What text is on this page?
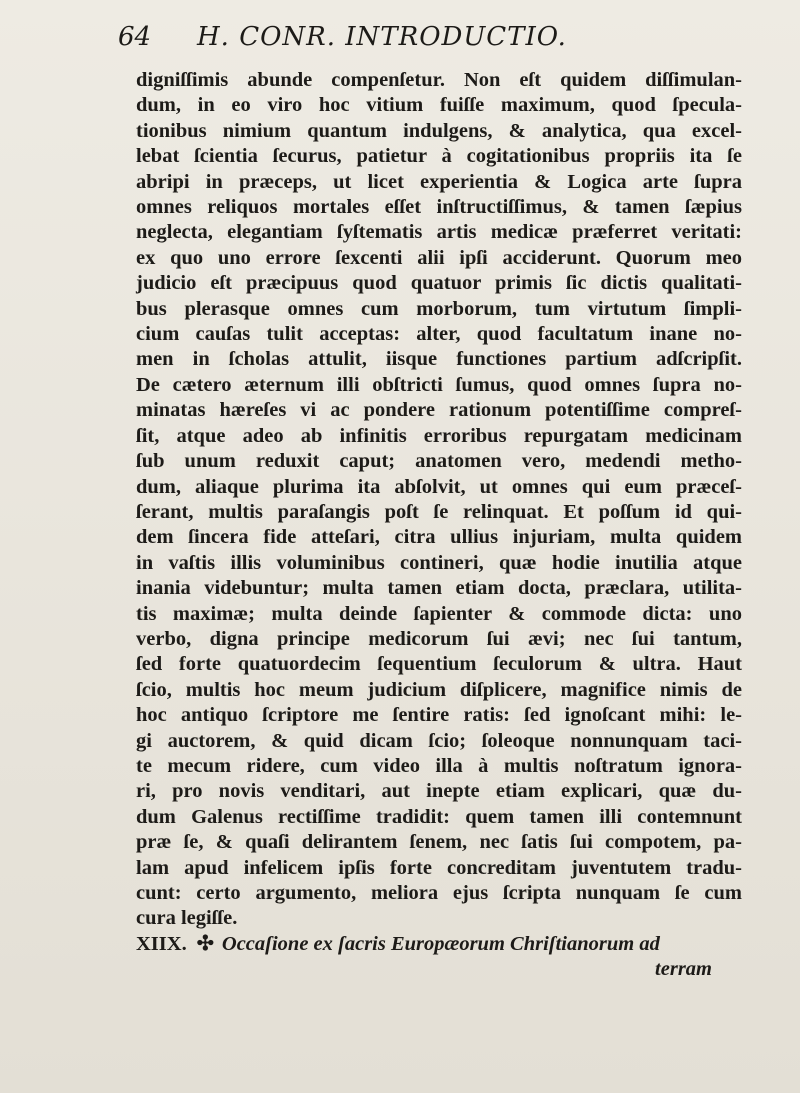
64 H. CONR. INTRODUCTIO.
digniſſimis abunde compenſetur. Non eſt quidem diſſimulan-
dum, in eo viro hoc vitium fuiſſe maximum, quod ſpecula-
tionibus nimium quantum indulgens, & analytica, qua excel-
lebat ſcientia ſecurus, patietur à cogitationibus propriis ita ſe
abripi in præceps, ut licet experientia & Logica arte ſupra
omnes reliquos mortales eſſet inſtructiſſimus, & tamen ſæpius
neglecta, elegantiam ſyſtematis artis medicæ præferret veritati:
ex quo uno errore ſexcenti alii ipſi acciderunt. Quorum meo
judicio eſt præcipuus quod quatuor primis ſic dictis qualitati-
bus plerasque omnes cum morborum, tum virtutum ſimpli-
cium cauſas tulit acceptas: alter, quod facultatum inane no-
men in ſcholas attulit, iisque functiones partium adſcripſit.
De cætero æternum illi obſtricti ſumus, quod omnes ſupra no-
minatas hæreſes vi ac pondere rationum potentiſſime compreſ-
ſit, atque adeo ab infinitis erroribus repurgatam medicinam
ſub unum reduxit caput; anatomen vero, medendi metho-
dum, aliaque plurima ita abſolvit, ut omnes qui eum præceſ-
ſerant, multis paraſangis poſt ſe relinquat. Et poſſum id qui-
dem ſincera fide atteſari, citra ullius injuriam, multa quidem
in vaſtis illis voluminibus contineri, quæ hodie inutilia atque
inania videbuntur; multa tamen etiam docta, præclara, utilita-
tis maximæ; multa deinde ſapienter & commode dicta: uno
verbo, digna principe medicorum ſui ævi; nec ſui tantum,
ſed forte quatuordecim ſequentium ſeculorum & ultra. Haut
ſcio, multis hoc meum judicium diſplicere, magnifice nimis de
hoc antiquo ſcriptore me ſentire ratis: ſed ignoſcant mihi: le-
gi auctorem, & quid dicam ſcio; ſoleoque nonnunquam taci-
te mecum ridere, cum video illa à multis noſtratum ignora-
ri, pro novis venditari, aut inepte etiam explicari, quæ du-
dum Galenus rectiſſime tradidit: quem tamen illi contemnunt
præ ſe, & quaſi delirantem ſenem, nec ſatis ſui compotem, pa-
lam apud infelicem ipſis forte concreditam juventutem tradu-
cunt: certo argumento, meliora ejus ſcripta nunquam ſe cum
cura legiſſe.
XIIX. ✣ Occaſione ex ſacris Europæorum Chriſtianorum ad
terram
